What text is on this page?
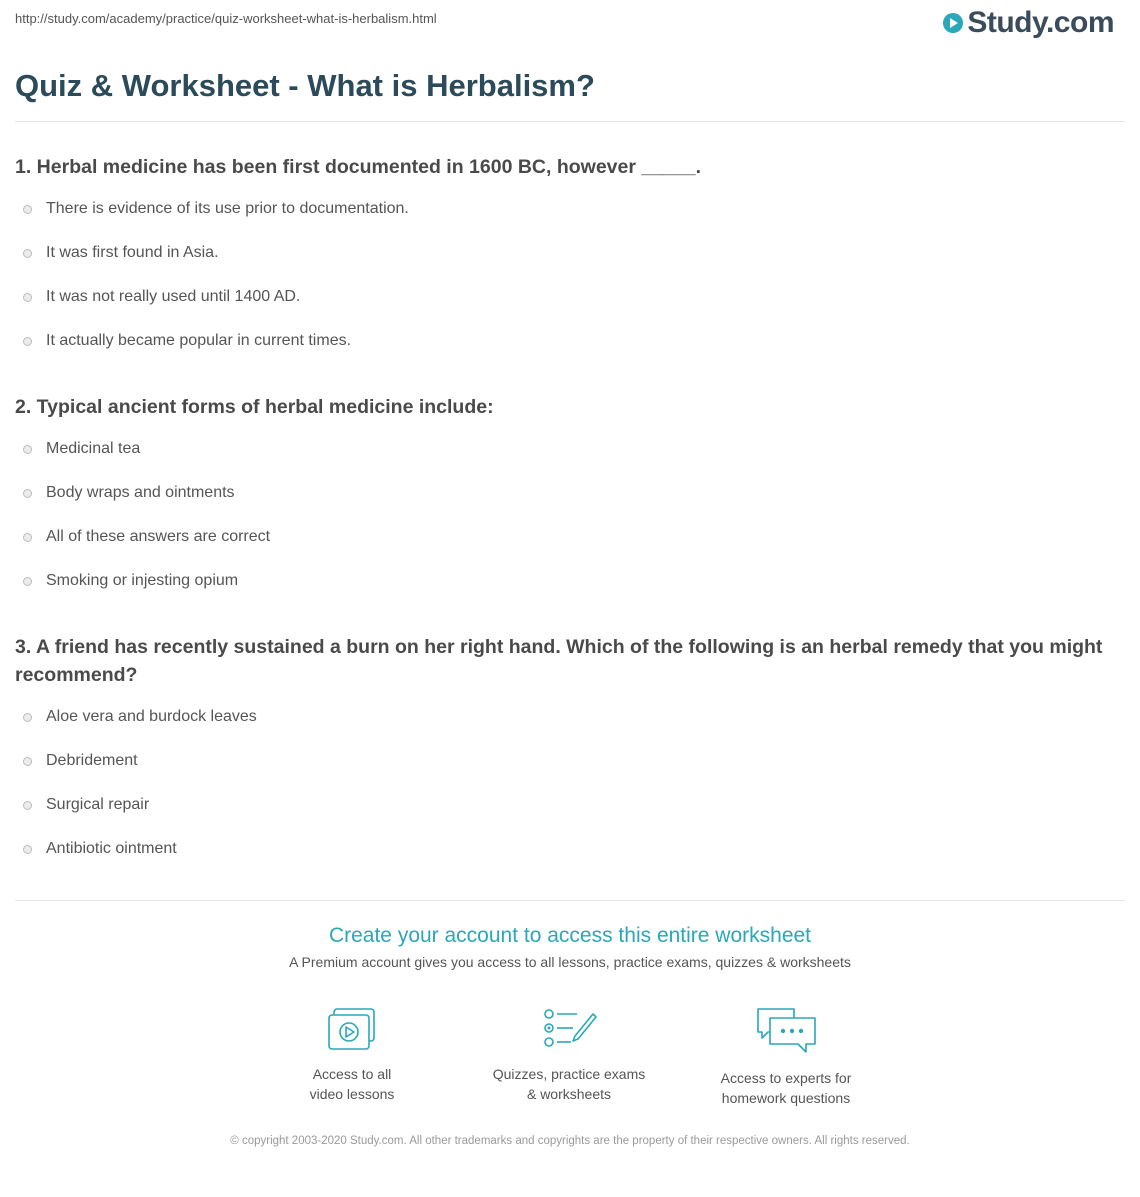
http://study.com/academy/practice/quiz-worksheet-what-is-herbalism.html	Study.com
Quiz & Worksheet - What is Herbalism?

1. Herbal medicine has been first documented in 1600 BC, however _____.

There is evidence of its use prior to documentation.
It was first found in Asia.
It was not really used until 1400 AD.
It actually became popular in current times.

2. Typical ancient forms of herbal medicine include:

Medicinal tea
Body wraps and ointments
All of these answers are correct
Smoking or injesting opium

3. A friend has recently sustained a burn on her right hand. Which of the following is an herbal remedy that you might recommend?

Aloe vera and burdock leaves
Debridement
Surgical repair
Antibiotic ointment
Create your account to access this entire worksheet
A Premium account gives you access to all lessons, practice exams, quizzes & worksheets
Access to all
video lessons
Quizzes, practice exams
& worksheets
Access to experts for
homework questions
© copyright 2003-2020 Study.com. All other trademarks and copyrights are the property of their respective owners. All rights reserved.
